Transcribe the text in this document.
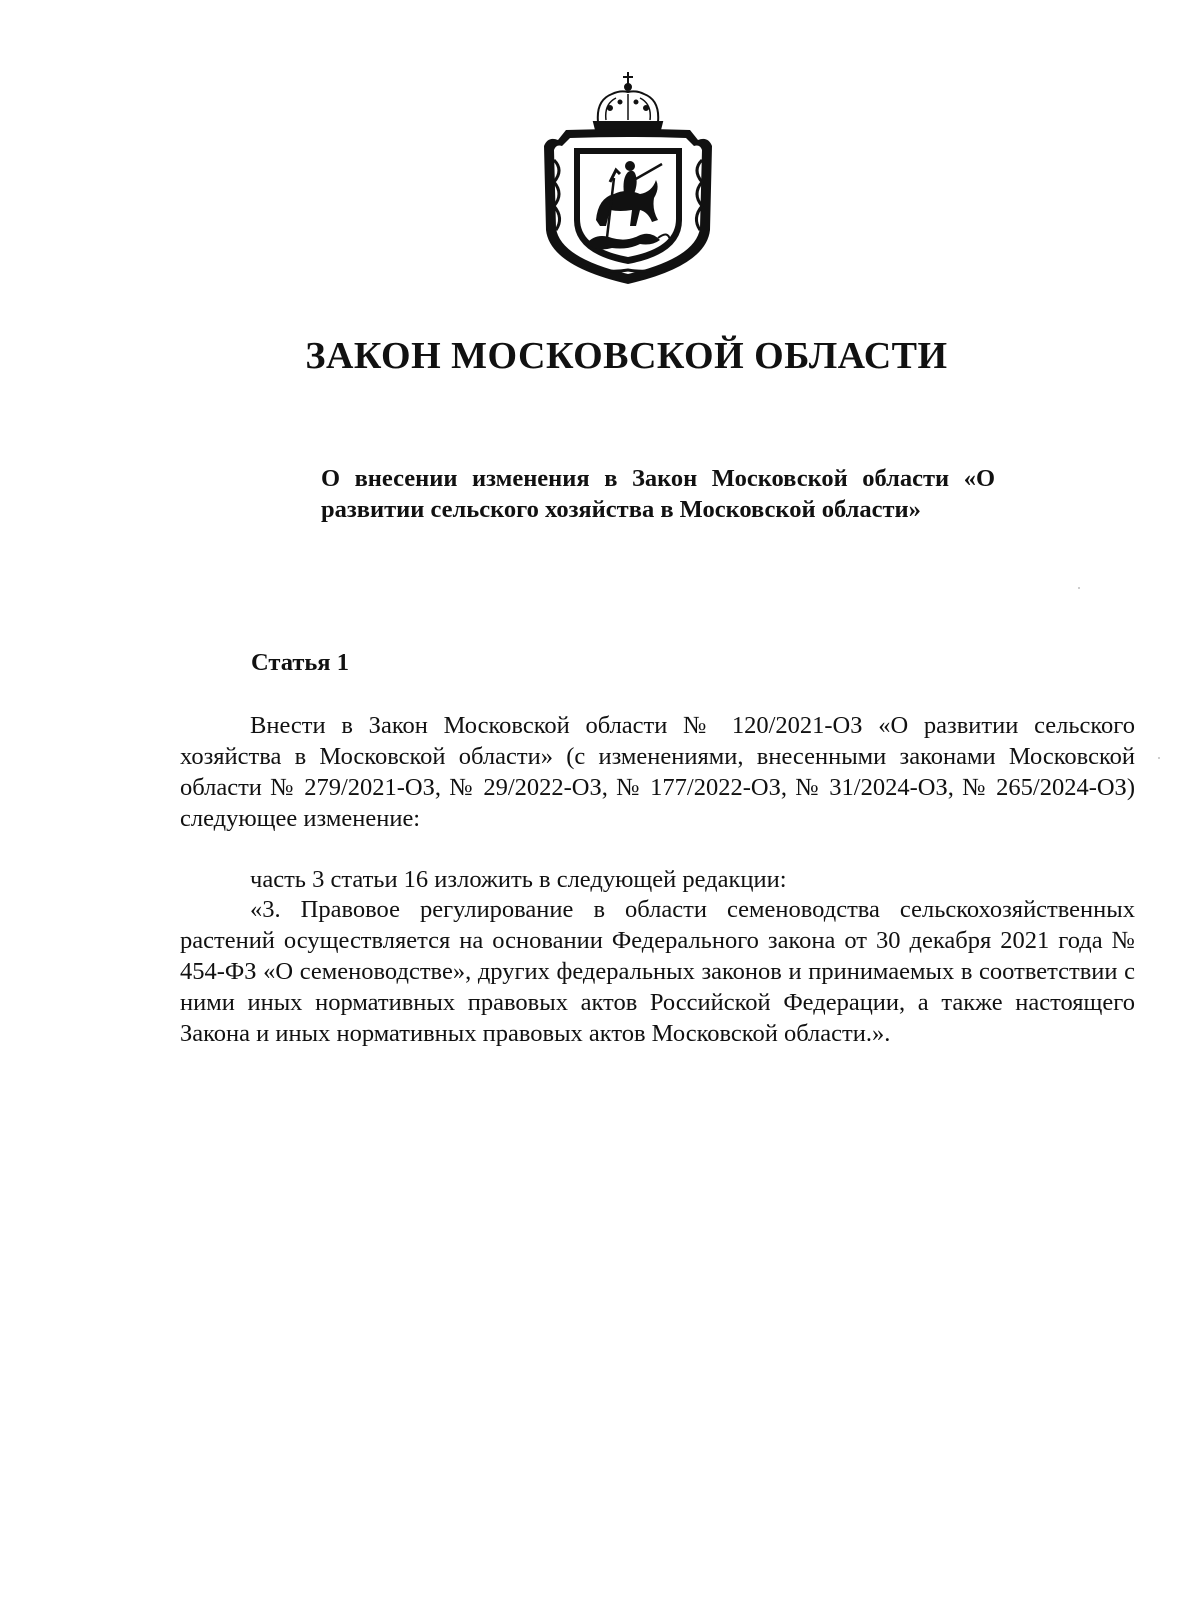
ЗАКОН МОСКОВСКОЙ ОБЛАСТИ

О внесении изменения в Закон Московской области «О развитии сельского хозяйства в Московской области»

Статья 1

Внести в Закон Московской области № 120/2021-ОЗ «О развитии сельского хозяйства в Московской области» (с изменениями, внесенными законами Московской области № 279/2021-ОЗ, № 29/2022-ОЗ, № 177/2022-ОЗ, № 31/2024-ОЗ, № 265/2024-ОЗ) следующее изменение:

часть 3 статьи 16 изложить в следующей редакции:

«3. Правовое регулирование в области семеноводства сельскохозяйственных растений осуществляется на основании Федерального закона от 30 декабря 2021 года № 454-ФЗ «О семеноводстве», других федеральных законов и принимаемых в соответствии с ними иных нормативных правовых актов Российской Федерации, а также настоящего Закона и иных нормативных правовых актов Московской области.».
